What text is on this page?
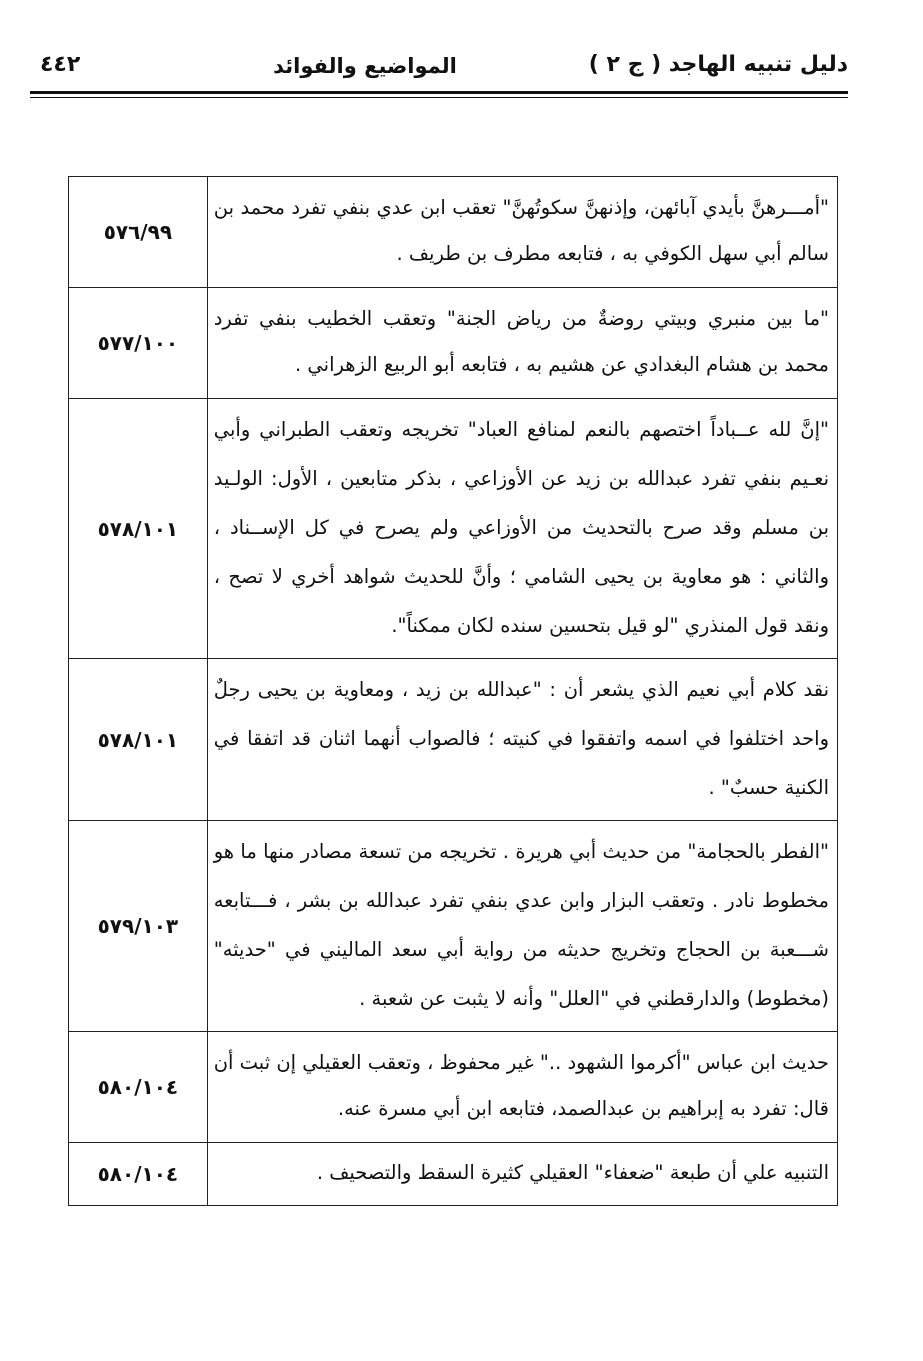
دليل تنبيه الهاجد ( ج ٢ )
المواضيع والفوائد
٤٤٢
"أمـــرهنَّ بأيدي آبائهن، وإذنهنَّ سكوتُهنَّ" تعقب ابن عدي بنفي تفرد محمد بن سالم أبي سهل الكوفي به ، فتابعه مطرف بن طريف .	٥٧٦/٩٩
"ما بين منبري وبيتي روضةٌ من رياض الجنة" وتعقب الخطيب بنفي تفرد محمد بن هشام البغدادي عن هشيم به ، فتابعه أبو الربيع الزهراني .	٥٧٧/١٠٠
"إنَّ لله عــباداً اختصهم بالنعم لمنافع العباد" تخريجه وتعقب الطبراني وأبي نعـيم بنفي تفرد عبدالله بن زيد عن الأوزاعي ، بذكر متابعين ، الأول: الولـيد بن مسلم وقد صرح بالتحديث من الأوزاعي ولم يصرح في كل الإســناد ، والثاني : هو معاوية بن يحيى الشامي ؛ وأنَّ للحديث شواهد أخري لا تصح ، ونقد قول المنذري "لو قيل بتحسين سنده لكان ممكناً".	٥٧٨/١٠١
نقد كلام أبي نعيم الذي يشعر أن : "عبدالله بن زيد ، ومعاوية بن يحيى رجلٌ واحد اختلفوا في اسمه واتفقوا في كنيته ؛ فالصواب أنهما اثنان قد اتفقا في الكنية حسبٌ" .	٥٧٨/١٠١
"الفطر بالحجامة" من حديث أبي هريرة . تخريجه من تسعة مصادر منها ما هو مخطوط نادر . وتعقب البزار وابن عدي بنفي تفرد عبدالله بن بشر ، فـــتابعه شـــعبة بن الحجاج وتخريج حديثه من رواية أبي سعد الماليني في "حديثه" (مخطوط) والدارقطني في "العلل" وأنه لا يثبت عن شعبة .	٥٧٩/١٠٣
حديث ابن عباس "أكرموا الشهود .." غير محفوظ ، وتعقب العقيلي إن ثبت أن قال: تفرد به إبراهيم بن عبدالصمد، فتابعه ابن أبي مسرة عنه.	٥٨٠/١٠٤
التنبيه علي أن طبعة "ضعفاء" العقيلي كثيرة السقط والتصحيف .	٥٨٠/١٠٤
